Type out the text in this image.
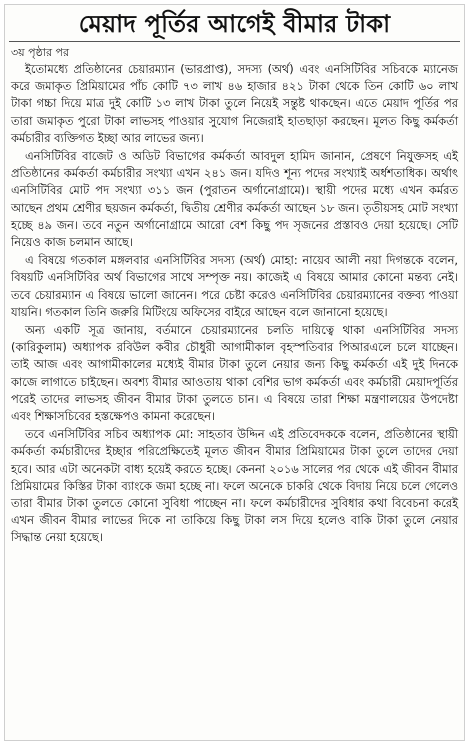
মেয়াদ পূর্তির আগেই বীমার টাকা
৩য় পৃষ্ঠার পর

ইতোমধ্যে প্রতিষ্ঠানের চেয়ারম্যান (ভারপ্রাপ্ত), সদস্য (অর্থ) এবং এনসিটিবির সচিবকে ম্যানেজ করে জমাকৃত প্রিমিয়ামের পাঁচ কোটি ৭৩ লাখ ৪৬ হাজার ৪২১ টাকা থেকে তিন কোটি ৬০ লাখ টাকা গচ্চা দিয়ে মাত্র দুই কোটি ১৩ লাখ টাকা তুলে নিয়েই সন্তুষ্ট থাকছেন। এতে মেয়াদ পূর্তির পর তারা জমাকৃত পুরো টাকা লাভসহ পাওয়ার সুযোগ নিজেরাই হাতছাড়া করছেন। মূলত কিছু কর্মকর্তা কর্মচারীর ব্যক্তিগত ইচ্ছা আর লাভের জন্য।

এনসিটিবির বাজেট ও অডিট বিভাগের কর্মকর্তা আবদুল হামিদ জানান, প্রেষণে নিযুক্তসহ এই প্রতিষ্ঠানের কর্মকর্তা কর্মচারীর সংখ্যা এখন ২৪১ জন। যদিও শূন্য পদের সংখ্যাই অর্ধশতাধিক। অর্থাৎ এনসিটিবির মোট পদ সংখ্যা ৩১১ জন (পুরাতন অর্গানোগ্রামে)। স্থায়ী পদের মধ্যে এখন কর্মরত আছেন প্রথম শ্রেণীর ছয়জন কর্মকর্তা, দ্বিতীয় শ্রেণীর কর্মকর্তা আছেন ১৮ জন। তৃতীয়সহ মোট সংখ্যা হচ্ছে ৪৯ জন। তবে নতুন অর্গানোগ্রামে আরো বেশ কিছু পদ সৃজনের প্রস্তাবও দেয়া হয়েছে। সেটি নিয়েও কাজ চলমান আছে।

এ বিষয়ে গতকাল মঙ্গলবার এনসিটিবির সদস্য (অর্থ) মোহা: নায়েব আলী নয়া দিগন্তকে বলেন, বিষয়টি এনসিটিবির অর্থ বিভাগের সাথে সম্পৃক্ত নয়। কাজেই এ বিষয়ে আমার কোনো মন্তব্য নেই। তবে চেয়ারম্যান এ বিষয়ে ভালো জানেন। পরে চেষ্টা করেও এনসিটিবির চেয়ারম্যানের বক্তব্য পাওয়া যায়নি। গতকাল তিনি জরুরি মিটিংয়ে অফিসের বাইরে আছেন বলে জানানো হয়েছে।

অন্য একটি সূত্র জানায়, বর্তমানে চেয়ারম্যানের চলতি দায়িত্বে থাকা এনসিটিবির সদস্য (কারিকুলাম) অধ্যাপক রবিউল কবীর চৌধুরী আগামীকাল বৃহস্পতিবার পিআরএলে চলে যাচ্ছেন। তাই আজ এবং আগামীকালের মধ্যেই বীমার টাকা তুলে নেয়ার জন্য কিছু কর্মকর্তা এই দুই দিনকে কাজে লাগাতে চাইছেন। অবশ্য বীমার আওতায় থাকা বেশির ভাগ কর্মকর্তা এবং কর্মচারী মেয়াদপূর্তির পরেই তাদের লাভসহ জীবন বীমার টাকা তুলতে চান। এ বিষয়ে তারা শিক্ষা মন্ত্রণালয়ের উপদেষ্টা এবং শিক্ষাসচিবের হস্তক্ষেপও কামনা করেছেন।

তবে এনসিটিবির সচিব অধ্যাপক মো: সাহতাব উদ্দিন এই প্রতিবেদককে বলেন, প্রতিষ্ঠানের স্থায়ী কর্মকর্তা কর্মচারীদের ইচ্ছার পরিপ্রেক্ষিতেই মূলত জীবন বীমার প্রিমিয়ামের টাকা তুলে তাদের দেয়া হবে। আর এটা অনেকটা বাধ্য হয়েই করতে হচ্ছে। কেননা ২০১৬ সালের পর থেকে এই জীবন বীমার প্রিমিয়ামের কিস্তির টাকা ব্যাংকে জমা হচ্ছে না। ফলে অনেকে চাকরি থেকে বিদায় নিয়ে চলে গেলেও তারা বীমার টাকা তুলতে কোনো সুবিধা পাচ্ছেন না। ফলে কর্মচারীদের সুবিধার কথা বিবেচনা করেই এখন জীবন বীমার লাভের দিকে না তাকিয়ে কিছু টাকা লস দিয়ে হলেও বাকি টাকা তুলে নেয়ার সিদ্ধান্ত নেয়া হয়েছে।
